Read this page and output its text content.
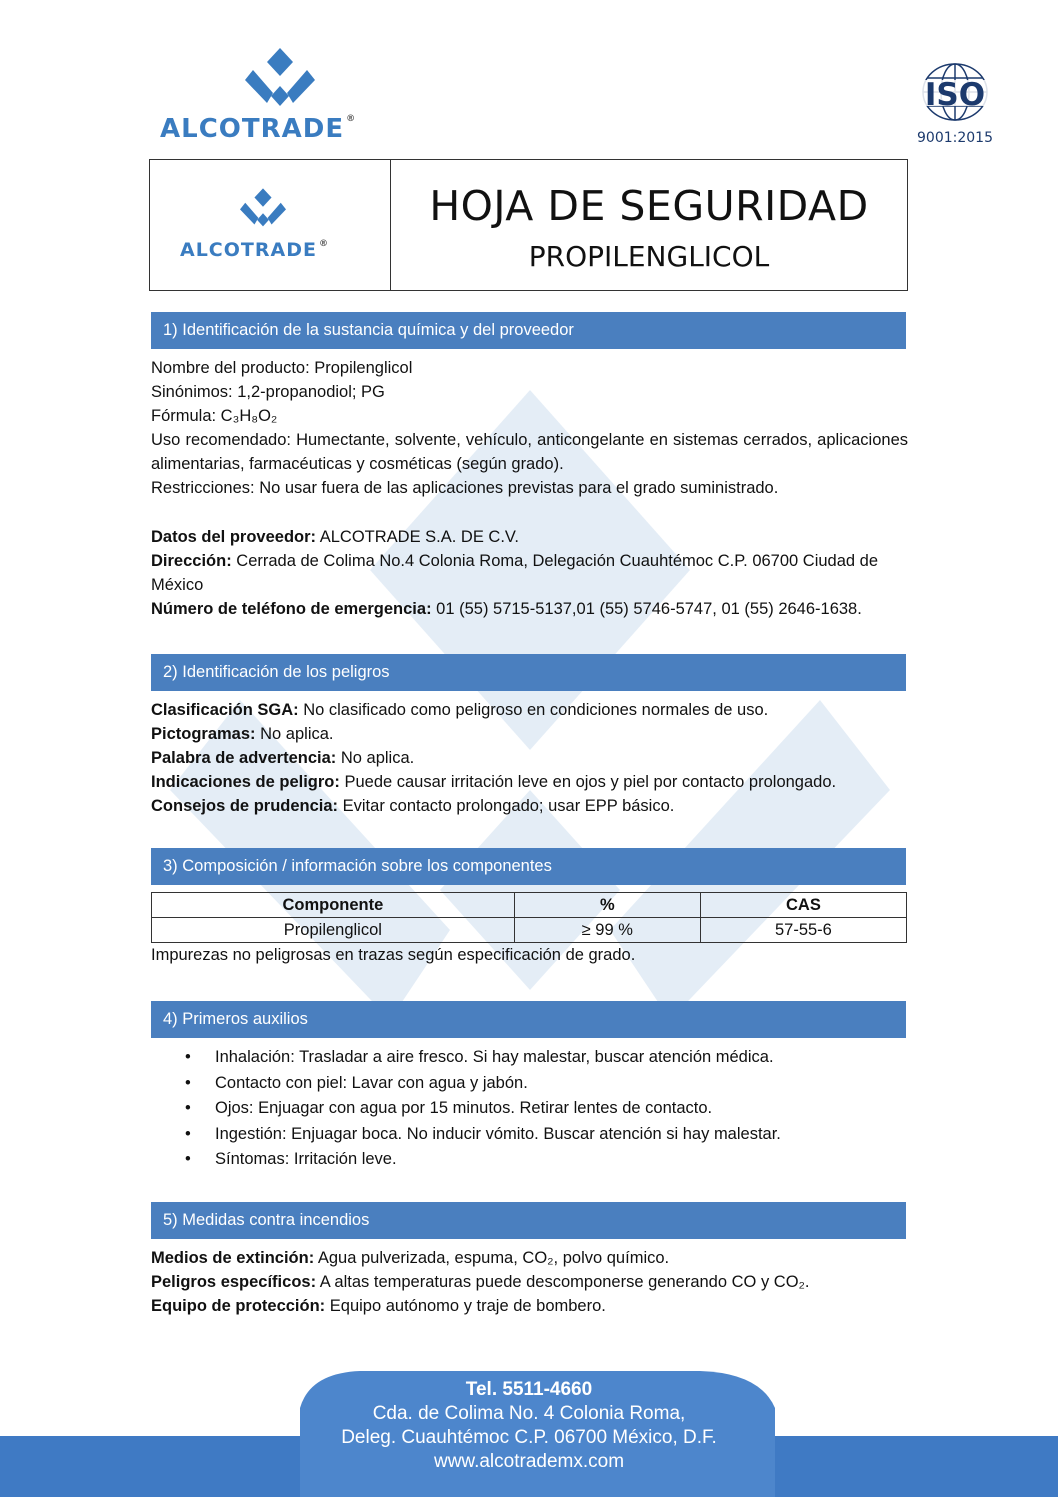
ALCOTRADE ®
ISO
9001:2015
ALCOTRADE ®
HOJA DE SEGURIDAD
PROPILENGLICOL
1) Identificación de la sustancia química y del proveedor

Nombre del producto: Propilenglicol

Sinónimos: 1,2-propanodiol; PG

Fórmula: C₃H₈O₂

Uso recomendado: Humectante, solvente, vehículo, anticongelante en sistemas cerrados, aplicaciones alimentarias, farmacéuticas y cosméticas (según grado).

Restricciones: No usar fuera de las aplicaciones previstas para el grado suministrado.

Datos del proveedor: ALCOTRADE S.A. DE C.V.

Dirección: Cerrada de Colima No.4 Colonia Roma, Delegación Cuauhtémoc C.P. 06700 Ciudad de México

Número de teléfono de emergencia: 01 (55) 5715-5137,01 (55) 5746-5747, 01 (55) 2646-1638.

2) Identificación de los peligros

Clasificación SGA: No clasificado como peligroso en condiciones normales de uso.

Pictogramas: No aplica.

Palabra de advertencia: No aplica.

Indicaciones de peligro: Puede causar irritación leve en ojos y piel por contacto prolongado.

Consejos de prudencia: Evitar contacto prolongado; usar EPP básico.

3) Composición / información sobre los componentes
Componente	%	CAS
Propilenglicol	≥ 99 %	57-55-6
Impurezas no peligrosas en trazas según especificación de grado.
4) Primeros auxilios
• Inhalación: Trasladar a aire fresco. Si hay malestar, buscar atención médica.
• Contacto con piel: Lavar con agua y jabón.
• Ojos: Enjuagar con agua por 15 minutos. Retirar lentes de contacto.
• Ingestión: Enjuagar boca. No inducir vómito. Buscar atención si hay malestar.
• Síntomas: Irritación leve.
5) Medidas contra incendios

Medios de extinción: Agua pulverizada, espuma, CO₂, polvo químico.

Peligros específicos: A altas temperaturas puede descomponerse generando CO y CO₂.

Equipo de protección: Equipo autónomo y traje de bombero.

Tel. 5511-4660
Cda. de Colima No. 4 Colonia Roma,
Deleg. Cuauhtémoc C.P. 06700 México, D.F.
www.alcotrademx.com
